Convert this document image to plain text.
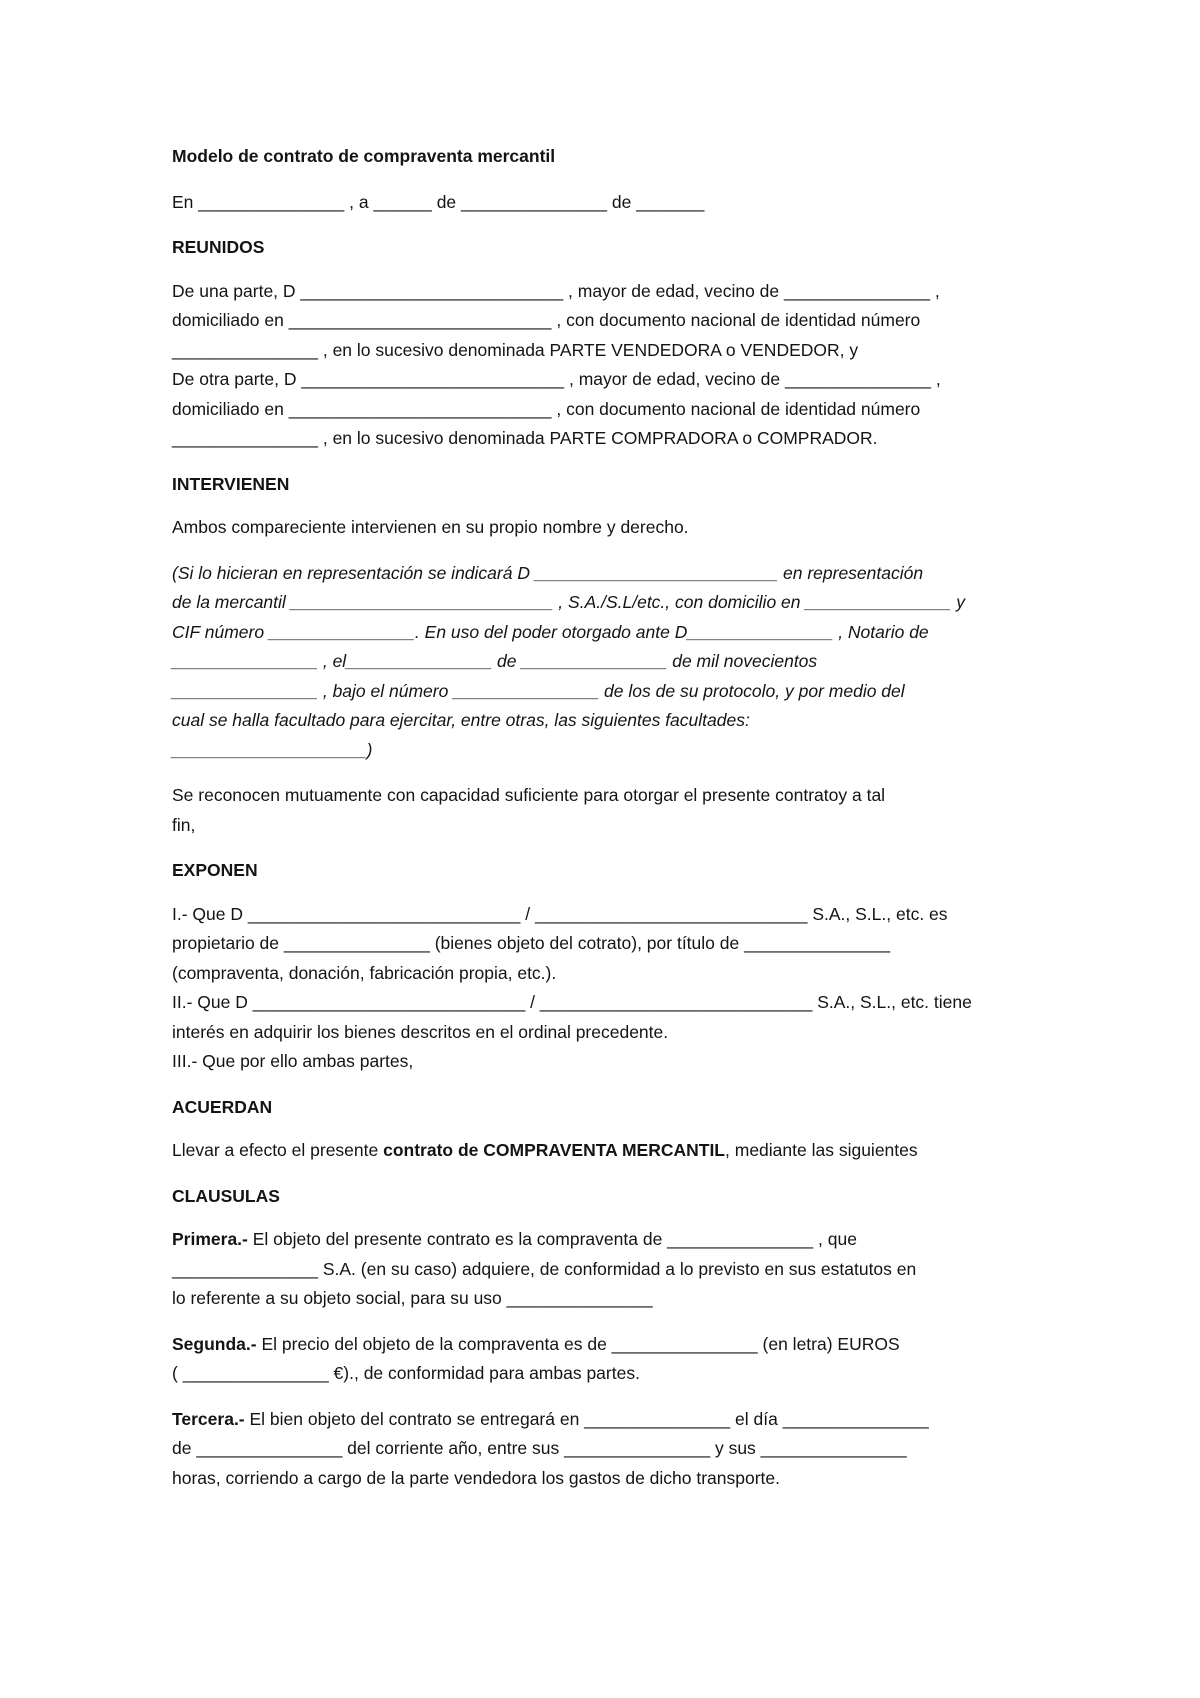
Modelo de contrato de compraventa mercantil

En _______________ , a ______ de _______________ de _______

REUNIDOS

De una parte, D ___________________________ , mayor de edad, vecino de _______________ ,

domiciliado en ___________________________ , con documento nacional de identidad número

_______________ , en lo sucesivo denominada PARTE VENDEDORA o VENDEDOR, y

De otra parte, D ___________________________ , mayor de edad, vecino de _______________ ,

domiciliado en ___________________________ , con documento nacional de identidad número

_______________ , en lo sucesivo denominada PARTE COMPRADORA o COMPRADOR.

INTERVIENEN

Ambos compareciente intervienen en su propio nombre y derecho.

(Si lo hicieran en representación se indicará D _________________________ en representación

de la mercantil ___________________________ , S.A./S.L/etc., con domicilio en _______________ y

CIF número _______________. En uso del poder otorgado ante D_______________ , Notario de

_______________ , el_______________ de _______________ de mil novecientos

_______________ , bajo el número _______________ de los de su protocolo, y por medio del

cual se halla facultado para ejercitar, entre otras, las siguientes facultades:

____________________)

Se reconocen mutuamente con capacidad suficiente para otorgar el presente contratoy a tal

fin,

EXPONEN

I.- Que D ____________________________ / ____________________________ S.A., S.L., etc. es

propietario de _______________ (bienes objeto del cotrato), por título de _______________

(compraventa, donación, fabricación propia, etc.).

II.- Que D ____________________________ / ____________________________ S.A., S.L., etc. tiene

interés en adquirir los bienes descritos en el ordinal precedente.

III.- Que por ello ambas partes,

ACUERDAN

Llevar a efecto el presente contrato de COMPRAVENTA MERCANTIL, mediante las siguientes

CLAUSULAS

Primera.- El objeto del presente contrato es la compraventa de _______________ , que

_______________ S.A. (en su caso) adquiere, de conformidad a lo previsto en sus estatutos en

lo referente a su objeto social, para su uso _______________

Segunda.- El precio del objeto de la compraventa es de _______________ (en letra) EUROS

( _______________ €)., de conformidad para ambas partes.

Tercera.- El bien objeto del contrato se entregará en _______________ el día _______________

de _______________ del corriente año, entre sus _______________ y sus _______________

horas, corriendo a cargo de la parte vendedora los gastos de dicho transporte.
